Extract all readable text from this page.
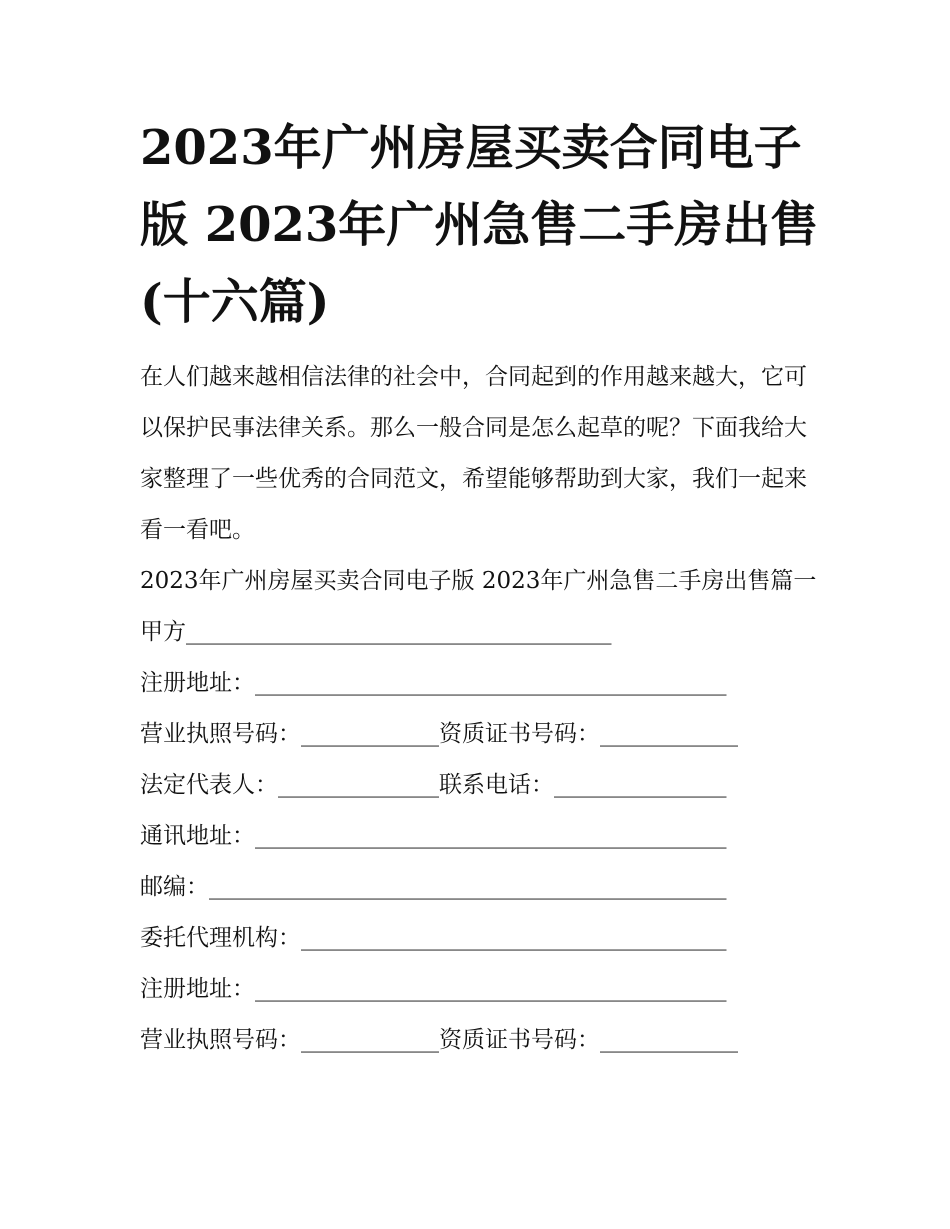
2023年广州房屋买卖合同电子版 2023年广州急售二手房出售(十六篇)

在人们越来越相信法律的社会中，合同起到的作用越来越大，它可以保护民事法律关系。那么一般合同是怎么起草的呢？下面我给大家整理了一些优秀的合同范文，希望能够帮助到大家，我们一起来看一看吧。

2023年广州房屋买卖合同电子版 2023年广州急售二手房出售篇一

甲方_____________________________________

注册地址：_________________________________________

营业执照号码：____________资质证书号码：____________

法定代表人：______________联系电话：_______________

通讯地址：_________________________________________

邮编：_____________________________________________

委托代理机构：_____________________________________

注册地址：_________________________________________

营业执照号码：____________资质证书号码：____________
